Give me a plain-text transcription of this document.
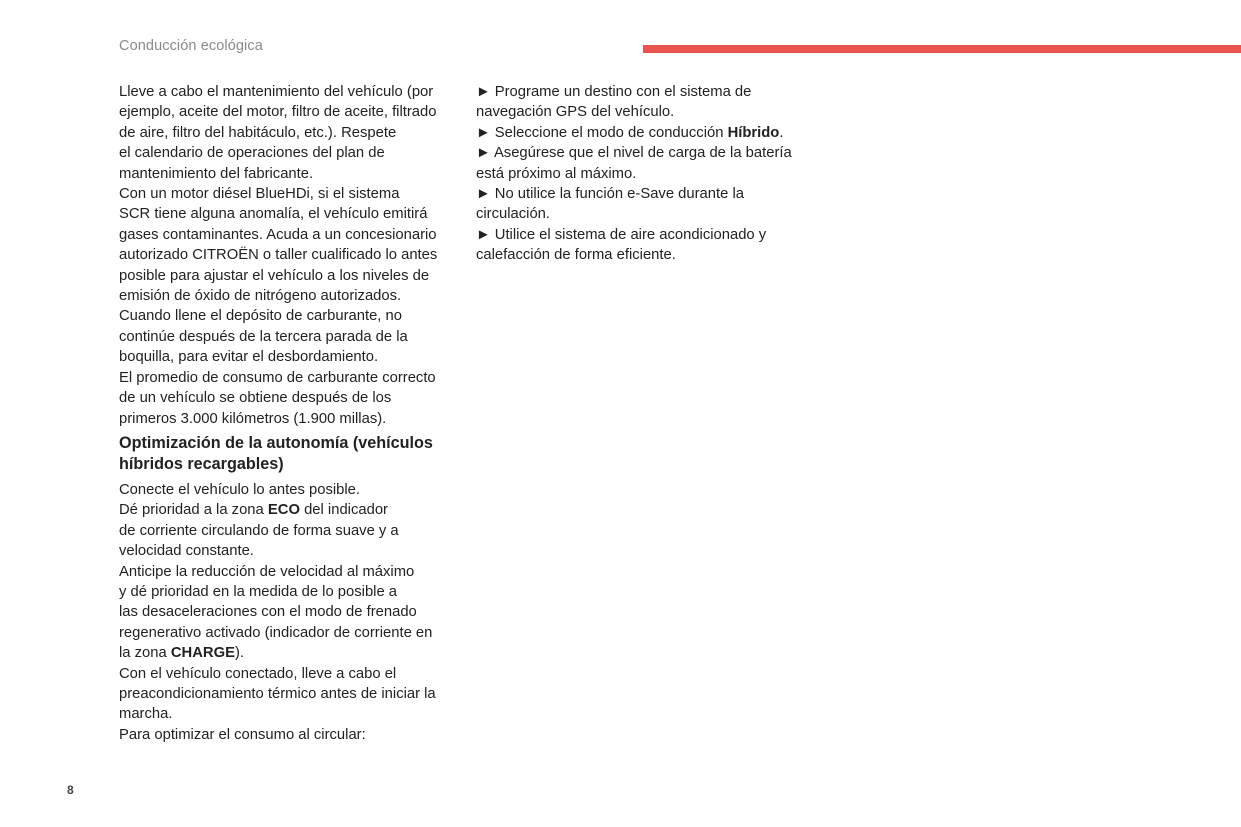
Conducción ecológica
Lleve a cabo el mantenimiento del vehículo (por
ejemplo, aceite del motor, filtro de aceite, filtrado
de aire, filtro del habitáculo, etc.). Respete
el calendario de operaciones del plan de
mantenimiento del fabricante.
Con un motor diésel BlueHDi, si el sistema
SCR tiene alguna anomalía, el vehículo emitirá
gases contaminantes. Acuda a un concesionario
autorizado CITROËN o taller cualificado lo antes
posible para ajustar el vehículo a los niveles de
emisión de óxido de nitrógeno autorizados.
Cuando llene el depósito de carburante, no
continúe después de la tercera parada de la
boquilla, para evitar el desbordamiento.
El promedio de consumo de carburante correcto
de un vehículo se obtiene después de los
primeros 3.000 kilómetros (1.900 millas).
Optimización de la autonomía (vehículos
híbridos recargables)
Conecte el vehículo lo antes posible.
Dé prioridad a la zona ECO del indicador
de corriente circulando de forma suave y a
velocidad constante.
Anticipe la reducción de velocidad al máximo
y dé prioridad en la medida de lo posible a
las desaceleraciones con el modo de frenado
regenerativo activado (indicador de corriente en
la zona CHARGE).
Con el vehículo conectado, lleve a cabo el
preacondicionamiento térmico antes de iniciar la
marcha.
Para optimizar el consumo al circular:
► Programe un destino con el sistema de
navegación GPS del vehículo.
► Seleccione el modo de conducción Híbrido.
► Asegúrese que el nivel de carga de la batería
está próximo al máximo.
► No utilice la función e-Save durante la
circulación.
► Utilice el sistema de aire acondicionado y
calefacción de forma eficiente.
8
